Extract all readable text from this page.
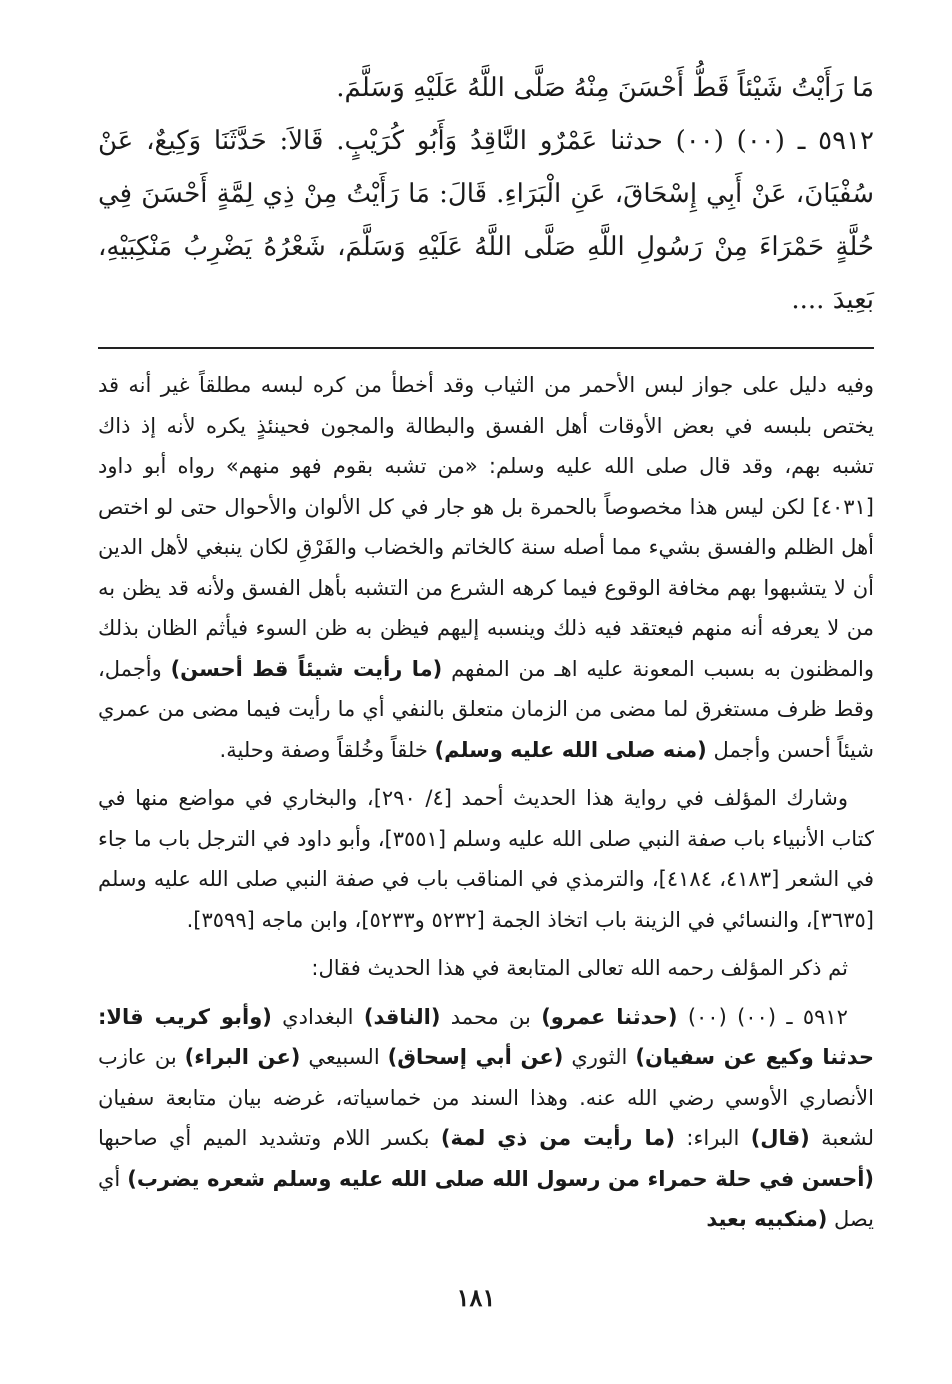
مَا رَأَيْتُ شَيْئاً قَطُّ أَحْسَنَ مِنْهُ صَلَّى اللَّهُ عَلَيْهِ وَسَلَّمَ.

٥٩١٢ ـ (٠٠) (٠٠) حدثنا عَمْرٌو النَّاقِدُ وَأَبُو كُرَيْبٍ. قَالاَ: حَدَّثَنَا وَكِيعٌ، عَنْ سُفْيَانَ، عَنْ أَبِي إِسْحَاقَ، عَنِ الْبَرَاءِ. قَالَ: مَا رَأَيْتُ مِنْ ذِي لِمَّةٍ أَحْسَنَ فِي حُلَّةٍ حَمْرَاءَ مِنْ رَسُولِ اللَّهِ صَلَّى اللَّهُ عَلَيْهِ وَسَلَّمَ، شَعْرُهُ يَضْرِبُ مَنْكِبَيْهِ، بَعِيدَ ....

وفيه دليل على جواز لبس الأحمر من الثياب وقد أخطأ من كره لبسه مطلقاً غير أنه قد يختص بلبسه في بعض الأوقات أهل الفسق والبطالة والمجون فحينئذٍ يكره لأنه إذ ذاك تشبه بهم، وقد قال صلى الله عليه وسلم: «من تشبه بقوم فهو منهم» رواه أبو داود [٤٠٣١] لكن ليس هذا مخصوصاً بالحمرة بل هو جار في كل الألوان والأحوال حتى لو اختص أهل الظلم والفسق بشيء مما أصله سنة كالخاتم والخضاب والفَرْقِ لكان ينبغي لأهل الدين أن لا يتشبهوا بهم مخافة الوقوع فيما كرهه الشرع من التشبه بأهل الفسق ولأنه قد يظن به من لا يعرفه أنه منهم فيعتقد فيه ذلك وينسبه إليهم فيظن به ظن السوء فيأثم الظان بذلك والمظنون به بسبب المعونة عليه اهـ من المفهم (ما رأيت شيئاً قط أحسن) وأجمل، وقط ظرف مستغرق لما مضى من الزمان متعلق بالنفي أي ما رأيت فيما مضى من عمري شيئاً أحسن وأجمل (منه صلى الله عليه وسلم) خلقاً وخُلقاً وصفة وحلية.

وشارك المؤلف في رواية هذا الحديث أحمد [٤/ ٢٩٠]، والبخاري في مواضع منها في كتاب الأنبياء باب صفة النبي صلى الله عليه وسلم [٣٥٥١]، وأبو داود في الترجل باب ما جاء في الشعر [٤١٨٣، ٤١٨٤]، والترمذي في المناقب باب في صفة النبي صلى الله عليه وسلم [٣٦٣٥]، والنسائي في الزينة باب اتخاذ الجمة [٥٢٣٢ و٥٢٣٣]، وابن ماجه [٣٥٩٩].

ثم ذكر المؤلف رحمه الله تعالى المتابعة في هذا الحديث فقال:

٥٩١٢ ـ (٠٠) (٠٠) (حدثنا عمرو) بن محمد (الناقد) البغدادي (وأبو كريب قالا: حدثنا وكيع عن سفيان) الثوري (عن أبي إسحاق) السبيعي (عن البراء) بن عازب الأنصاري الأوسي رضي الله عنه. وهذا السند من خماسياته، غرضه بيان متابعة سفيان لشعبة (قال) البراء: (ما رأيت من ذي لمة) بكسر اللام وتشديد الميم أي صاحبها (أحسن في حلة حمراء من رسول الله صلى الله عليه وسلم شعره يضرب) أي يصل (منكبيه بعيد

١٨١
